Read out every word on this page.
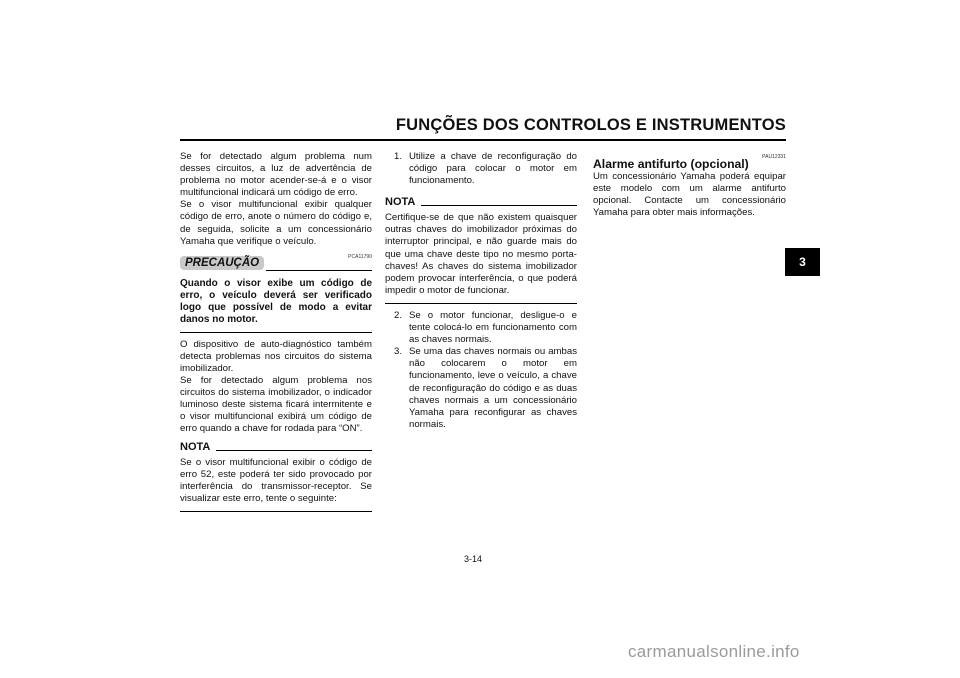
FUNÇÕES DOS CONTROLOS E INSTRUMENTOS
3

Se for detectado algum problema num desses circuitos, a luz de advertência de problema no motor acender-se-á e o visor multifuncional indicará um código de erro.

Se o visor multifuncional exibir qualquer código de erro, anote o número do código e, de seguida, solicite a um concessionário Yamaha que verifique o veículo.

PRECAUÇÃO	PCA11790

Quando o visor exibe um código de erro, o veículo deverá ser verificado logo que possível de modo a evitar danos no motor.

O dispositivo de auto-diagnóstico também detecta problemas nos circuitos do sistema imobilizador.

Se for detectado algum problema nos circuitos do sistema imobilizador, o indicador luminoso deste sistema ficará intermitente e o visor multifuncional exibirá um código de erro quando a chave for rodada para “ON”.

NOTA

Se o visor multifuncional exibir o código de erro 52, este poderá ter sido provocado por interferência do transmissor-receptor. Se visualizar este erro, tente o seguinte:

1. Utilize a chave de reconfiguração do código para colocar o motor em funcionamento.
NOTA

Certifique-se de que não existem quaisquer outras chaves do imobilizador próximas do interruptor principal, e não guarde mais do que uma chave deste tipo no mesmo porta-chaves! As chaves do sistema imobilizador podem provocar interferência, o que poderá impedir o motor de funcionar.

2. Se o motor funcionar, desligue-o e tente colocá-lo em funcionamento com as chaves normais.
3. Se uma das chaves normais ou ambas não colocarem o motor em funcionamento, leve o veículo, a chave de reconfiguração do código e as duas chaves normais a um concessionário Yamaha para reconfigurar as chaves normais.
PAU12331
Alarme antifurto (opcional)

Um concessionário Yamaha poderá equipar este modelo com um alarme antifurto opcional. Contacte um concessionário Yamaha para obter mais informações.

3-14
carmanualsonline.info
